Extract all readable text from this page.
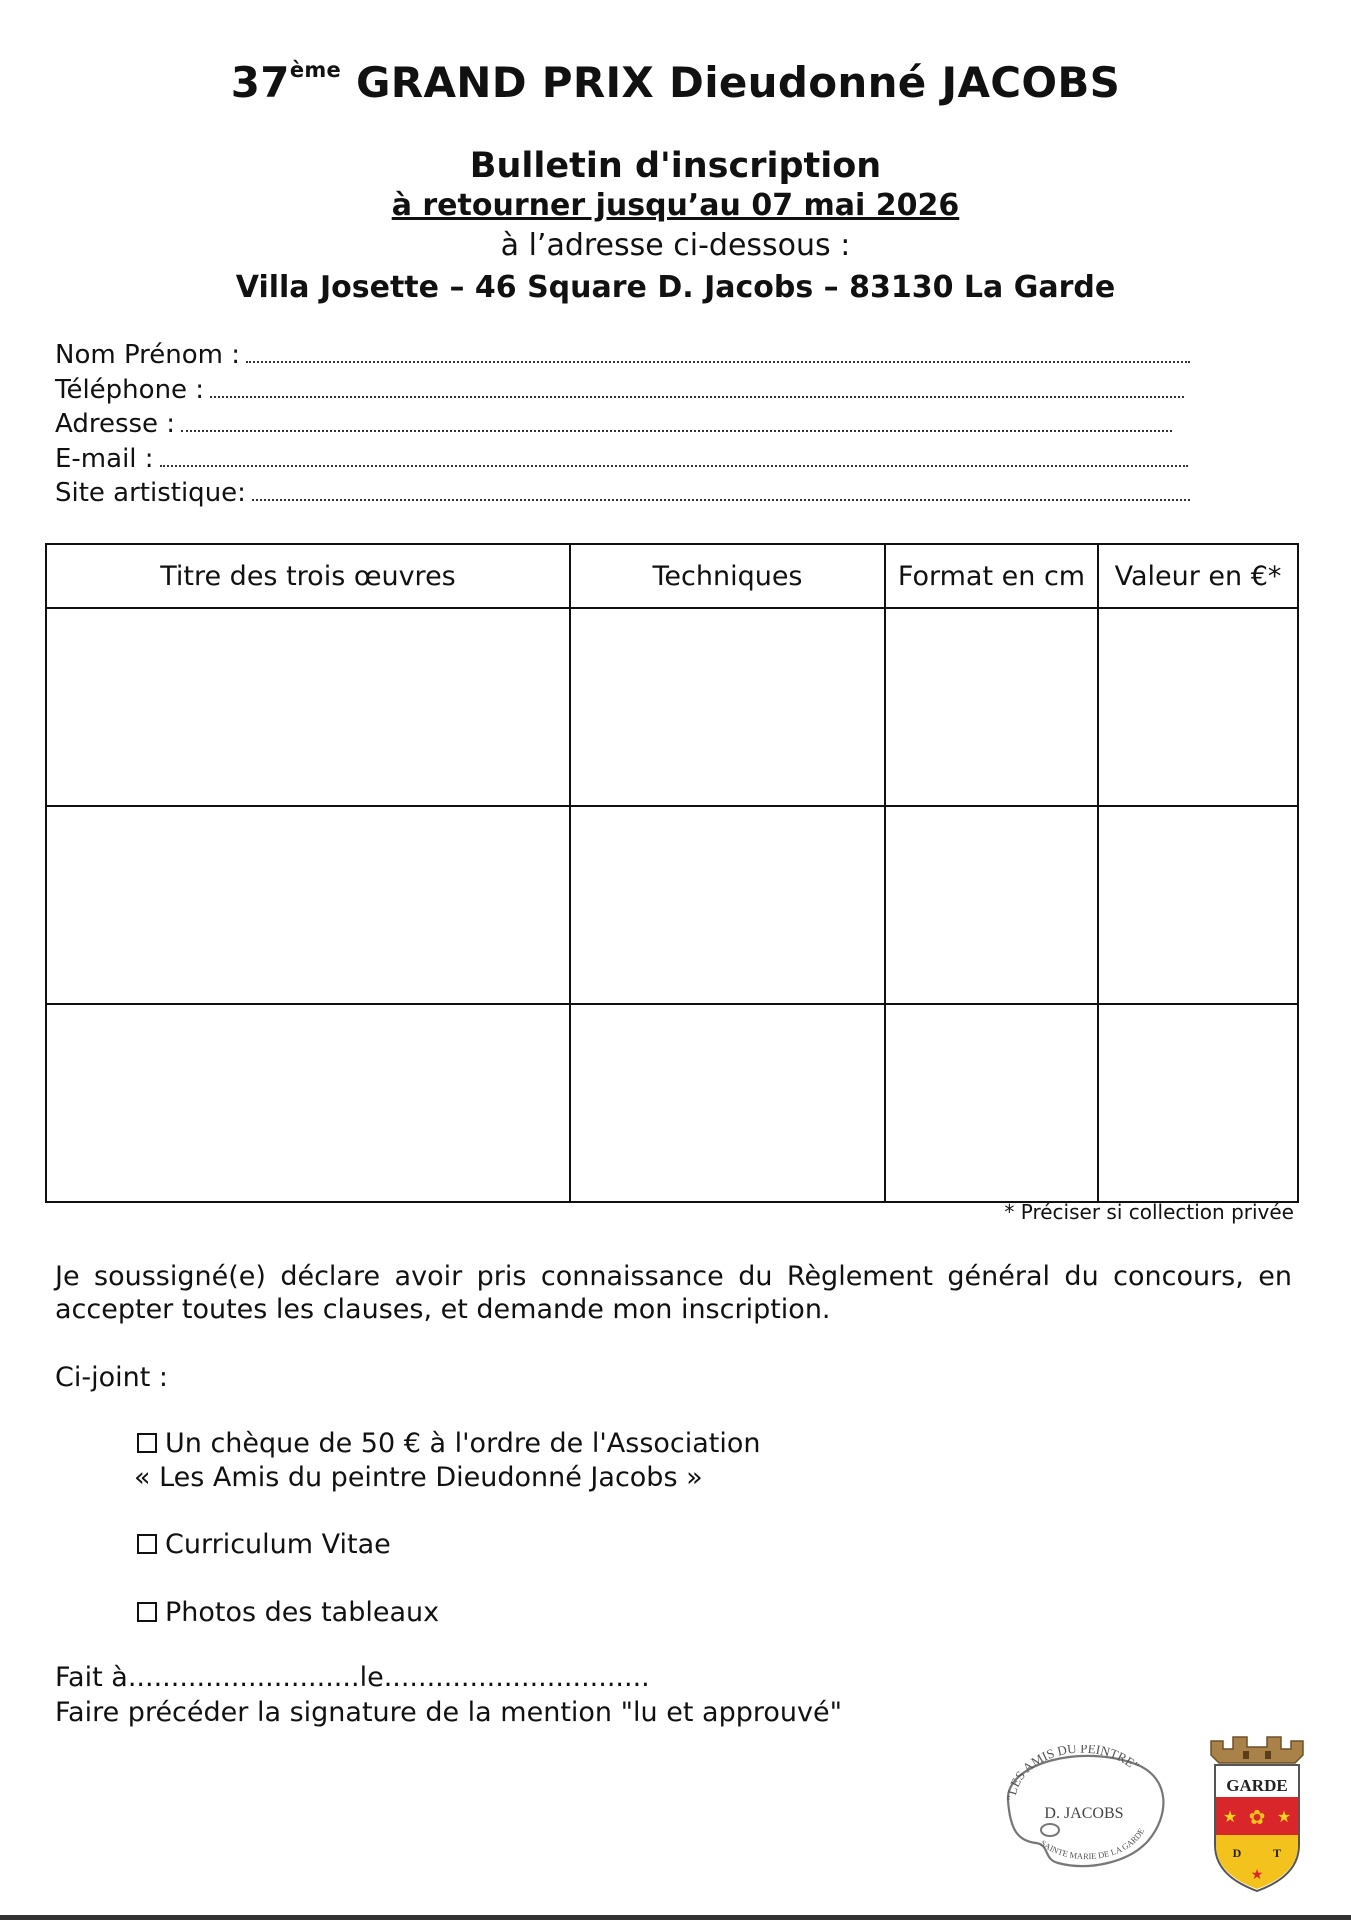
37ème GRAND PRIX Dieudonné JACOBS
Bulletin d'inscription
à retourner jusqu’au 07 mai 2026
à l’adresse ci-dessous :
Villa Josette – 46 Square D. Jacobs – 83130 La Garde
Nom Prénom :
Téléphone :
Adresse :
E-mail :
Site artistique:
Titre des trois œuvres	Techniques	Format en cm	Valeur en €*

* Préciser si collection privée
Je soussigné(e) déclare avoir pris connaissance du Règlement général du concours, en accepter toutes les clauses, et demande mon inscription.
Ci-joint :
Un chèque de 50 € à l'ordre de l'Association
« Les Amis du peintre Dieudonné Jacobs »
Curriculum Vitae
Photos des tableaux
Fait à...........................le...............................
Faire précéder la signature de la mention "lu et approuvé"
"LES AMIS DU PEINTRE"
D. JACOBS
SAINTE MARIE DE LA GARDE
GARDE
★ ✿ ★
D	T
★
